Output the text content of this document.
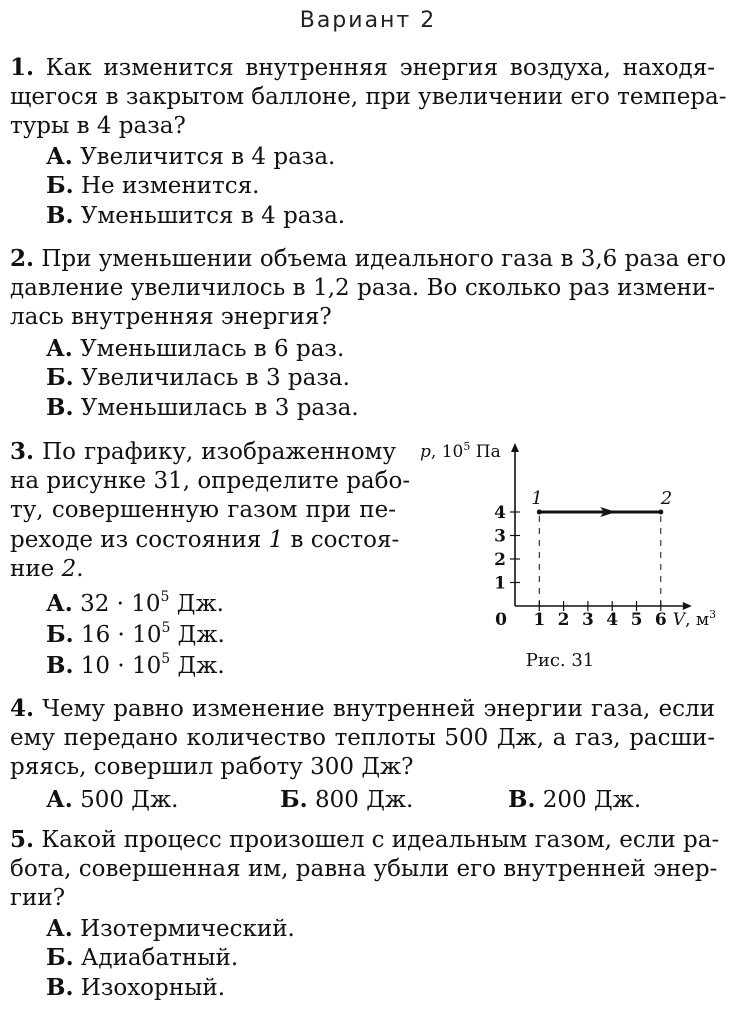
Вариант 2
1. Как изменится внутренняя энергия воздуха, находя-
щегося в закрытом баллоне, при увеличении его темпера-
туры в 4 раза?
А. Увеличится в 4 раза.
Б. Не изменится.
В. Уменьшится в 4 раза.
2. При уменьшении объема идеального газа в 3,6 раза его
давление увеличилось в 1,2 раза. Во сколько раз измени-
лась внутренняя энергия?
А. Уменьшилась в 6 раз.
Б. Увеличилась в 3 раза.
В. Уменьшилась в 3 раза.
3. По графику, изображенному
на рисунке 31, определите рабо-
ту, совершенную газом при пе-
реходе из состояния 1 в состоя-
ние 2.
А. $32 \cdot 10^5$ Дж.
Б. $16 \cdot 10^5$ Дж.
В. $10 \cdot 10^5$ Дж.
0 1 2 3 4 5 6
1
2
3
4
1	2
p, $10^5$ Па
V, $м^3$
Рис. 31
4. Чему равно изменение внутренней энергии газа, если
ему передано количество теплоты 500 Дж, а газ, расши-
ряясь, совершил работу 300 Дж?
А. 500 Дж.	Б. 800 Дж.	В. 200 Дж.
5. Какой процесс произошел с идеальным газом, если ра-
бота, совершенная им, равна убыли его внутренней энер-
гии?
А. Изотермический.
Б. Адиабатный.
В. Изохорный.
